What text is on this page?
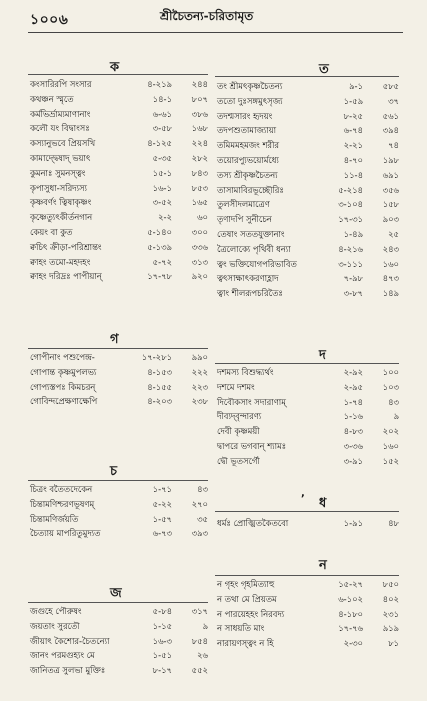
১০০৬	শ্রীচৈতন্য-চরিতামৃত
ক
কংসারিরপি সংসার	৪-২১৯ ২৪৪
কথঞ্চন স্মৃতে	১৪-১ ৮০৭
কর্মভির্ভ্রাম্যমাণানাং	৬-৬১ ৩৮৬
কলৌ যং বিদ্বাংসঃ	৩-৫৮ ১৬৮
কস্যানুভবে প্রিয়সখি	৪-১২৫ ২২৪
কামাদ্দ্বেষাদ্ ভয়াৎ	৫-৩৫ ২৮২
কুমনাঃ সুমনস্ত্বং	১৫-১ ৮৪৩
কৃপাসুধা-সরিদ্যস্য	১৬-১ ৮৫৩
কৃষ্ণবর্ণং ত্বিষাকৃষ্ণং	৩-৫২ ১৬৫
কৃষ্ণেত্যুৎকীর্তনগান	২-২	৬০
কেয়ং বা কুত	৫-১৪০ ৩০০
ক্বচিৎ ক্রীড়া-পরিশ্রান্তং	৫-১৩৯ ৩৩৬
ক্বাহং তমো-মহদহং	৫-৭২ ৩১৩
ক্বাহং দরিদ্রঃ পাপীয়ান্	১৭-৭৮ ৯২০
গ
গোপীনাং পশুপেন্দ্র-	১৭-২৮১ ৯৯০
গোপান্ত কৃষ্ণমুপলভ্য	৪-১৫৩ ২২২
গোপ্যস্তপঃ কিমচরন্	৪-১৫৫ ২২৩
গোবিন্দপ্রেক্ষণাক্ষেপি	৪-২০৩ ২৩৮
চ
চিত্রং বতৈতদেকেন	১-৭১	৪৩
চিন্তামণিশ্চরণভূষণম্	৫-২২ ২৭০
চিন্তামণির্জয়তি	১-৫৭	৩৫
চৈত্যায় মাপরিতুমুদ্যত	৬-৭৩ ৩৯৩
জ
জগুহে পৌরুষং	৫-৮৪ ৩১৭
জয়তাং সুরতৌ	১-১৫	৯
জীয়াৎ কৈশোর-চৈতন্যো	১৬-৩ ৮৫৪
জানং পরমগুহ্যং মে	১-৫১	২৬
জানিতত্র সুলভা মুক্তিঃ	৮-১৭ ৫৫২
ত
তং শ্রীমৎকৃষ্ণচৈতন্য	৯-১ ৫৮৫
ততো দুঃসঙ্গমুৎসৃজ্য	১-৫৯	৩৭
তদশ্মসারং হৃদয়ং	৮-২৫ ৫৬১
তদপশুতামাজ্যায়া	৬-৭৪ ৩৯৪
তমিমমহমজং শরীর	২-২১	৭৪
তয়োরপ্যুভয়োর্মধ্যে	৪-৭০ ১৯৮
তস্য শ্রীকৃষ্ণচৈতন্য	১১-৪ ৬৯১
তাসামাবিরভূচ্ছৌরিঃ	৫-২১৪ ৩৫৬
তুলসীদলমাত্রেণ	৩-১০৪ ১৫৮
তৃণাদপি সুনীচেন	১৭-৩১ ৯০৩
তেষাং সততযুক্তানাং	১-৪৯	২৫
ত্রৈলোক্যে পৃথিবী ধন্যা	৪-২১৬ ২৪৩
ত্বং ভক্তিযোগপরিভাবিত	৩-১১১ ১৬০
ত্বৎসাক্ষাৎকরণাহ্লাদ	৭-৯৮ ৪৭৩
ত্বাং শীলরূপচরিতৈঃ	৩-৮৭ ১৪৯
দ
দশমস্য বিশুদ্ধ্যর্থং	২-৯২ ১০০
দশমে দশমং	২-৯৫ ১০৩
দিবৌকসাং সদারাণাম্	১-৭৪	৪৩
দীব্যদ্‌বৃন্দারণ্য	১-১৬	৯
দেবী কৃষ্ণময়ী	৪-৮৩ ২০২
দ্বাপরে ভগবান্ শ্যামঃ	৩-৩৬ ১৬০
দ্বৌ ভূতসর্গৌ	৩-৯১ ১৫২
,
ধ
ধর্মঃ প্রোজ্ঝিতকৈতবো	১-৯১	৪৮
ন
ন গৃহং গৃহমিত্যাহু	১৫-২৭ ৮৫০
ন তথা মে প্রিয়তম	৬-১০২ ৪০২
ন পারয়েহহং নিরবদ্য	৪-১৮০ ২৩১
ন সাধয়তি মাং	১৭-৭৬ ৯১৯
নারায়ণস্ত্বং ন হি	২-৩০	৮১
